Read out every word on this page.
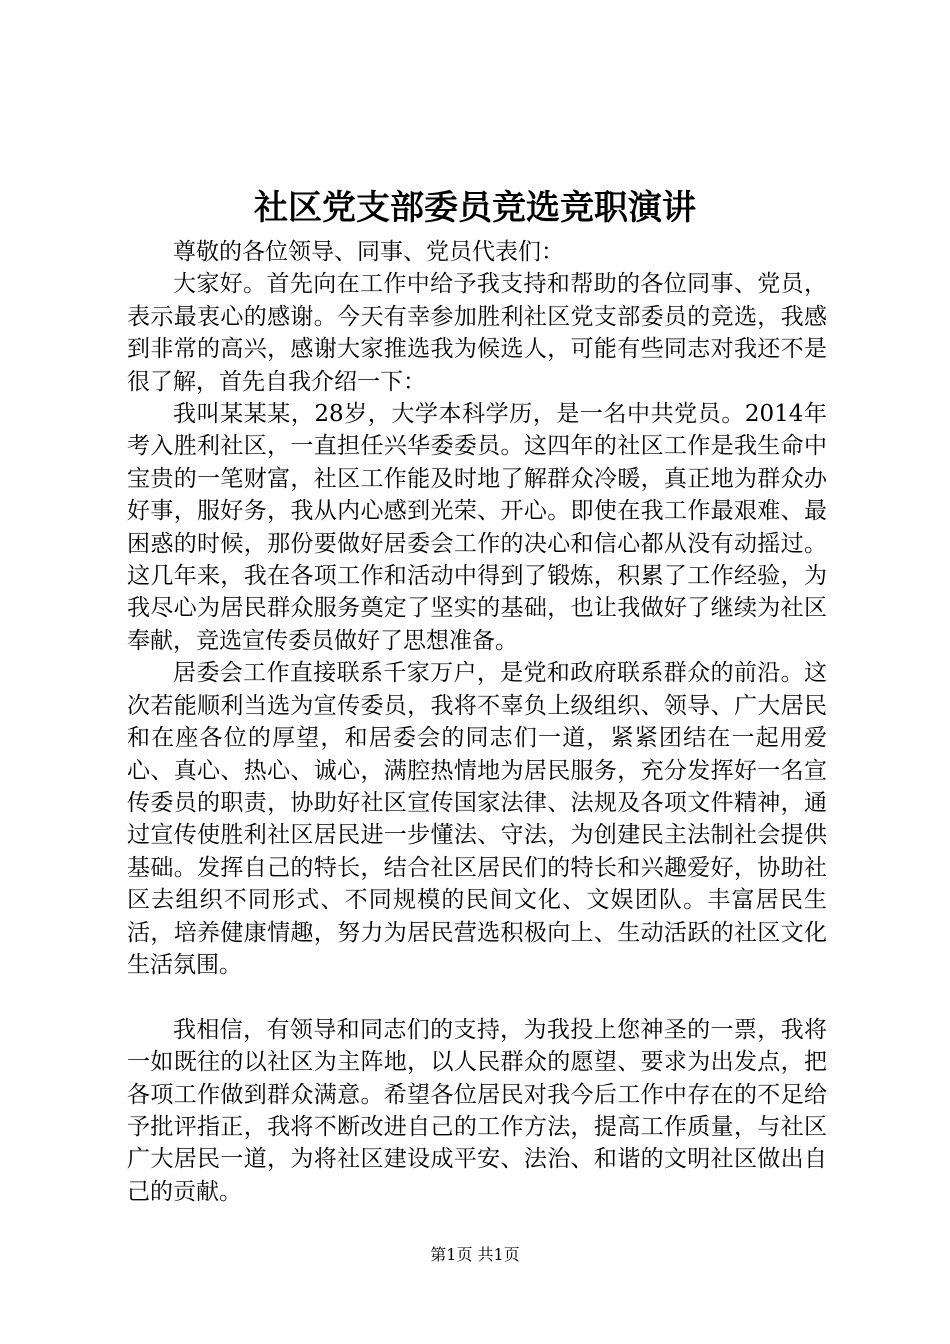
社区党支部委员竞选竞职演讲

尊敬的各位领导、同事、党员代表们：

大家好。首先向在工作中给予我支持和帮助的各位同事、党员，表示最衷心的感谢。今天有幸参加胜利社区党支部委员的竞选，我感到非常的高兴，感谢大家推选我为候选人，可能有些同志对我还不是很了解，首先自我介绍一下：

我叫某某某，28岁，大学本科学历，是一名中共党员。2014年考入胜利社区，一直担任兴华委委员。这四年的社区工作是我生命中宝贵的一笔财富，社区工作能及时地了解群众冷暖，真正地为群众办好事，服好务，我从内心感到光荣、开心。即使在我工作最艰难、最困惑的时候，那份要做好居委会工作的决心和信心都从没有动摇过。这几年来，我在各项工作和活动中得到了锻炼，积累了工作经验，为我尽心为居民群众服务奠定了坚实的基础，也让我做好了继续为社区奉献，竞选宣传委员做好了思想准备。

居委会工作直接联系千家万户，是党和政府联系群众的前沿。这次若能顺利当选为宣传委员，我将不辜负上级组织、领导、广大居民和在座各位的厚望，和居委会的同志们一道，紧紧团结在一起用爱心、真心、热心、诚心，满腔热情地为居民服务，充分发挥好一名宣传委员的职责，协助好社区宣传国家法律、法规及各项文件精神，通过宣传使胜利社区居民进一步懂法、守法，为创建民主法制社会提供基础。发挥自己的特长，结合社区居民们的特长和兴趣爱好，协助社区去组织不同形式、不同规模的民间文化、文娱团队。丰富居民生活，培养健康情趣，努力为居民营选积极向上、生动活跃的社区文化生活氛围。

我相信，有领导和同志们的支持，为我投上您神圣的一票，我将一如既往的以社区为主阵地，以人民群众的愿望、要求为出发点，把各项工作做到群众满意。希望各位居民对我今后工作中存在的不足给予批评指正，我将不断改进自己的工作方法，提高工作质量，与社区广大居民一道，为将社区建设成平安、法治、和谐的文明社区做出自己的贡献。

第1页 共1页
